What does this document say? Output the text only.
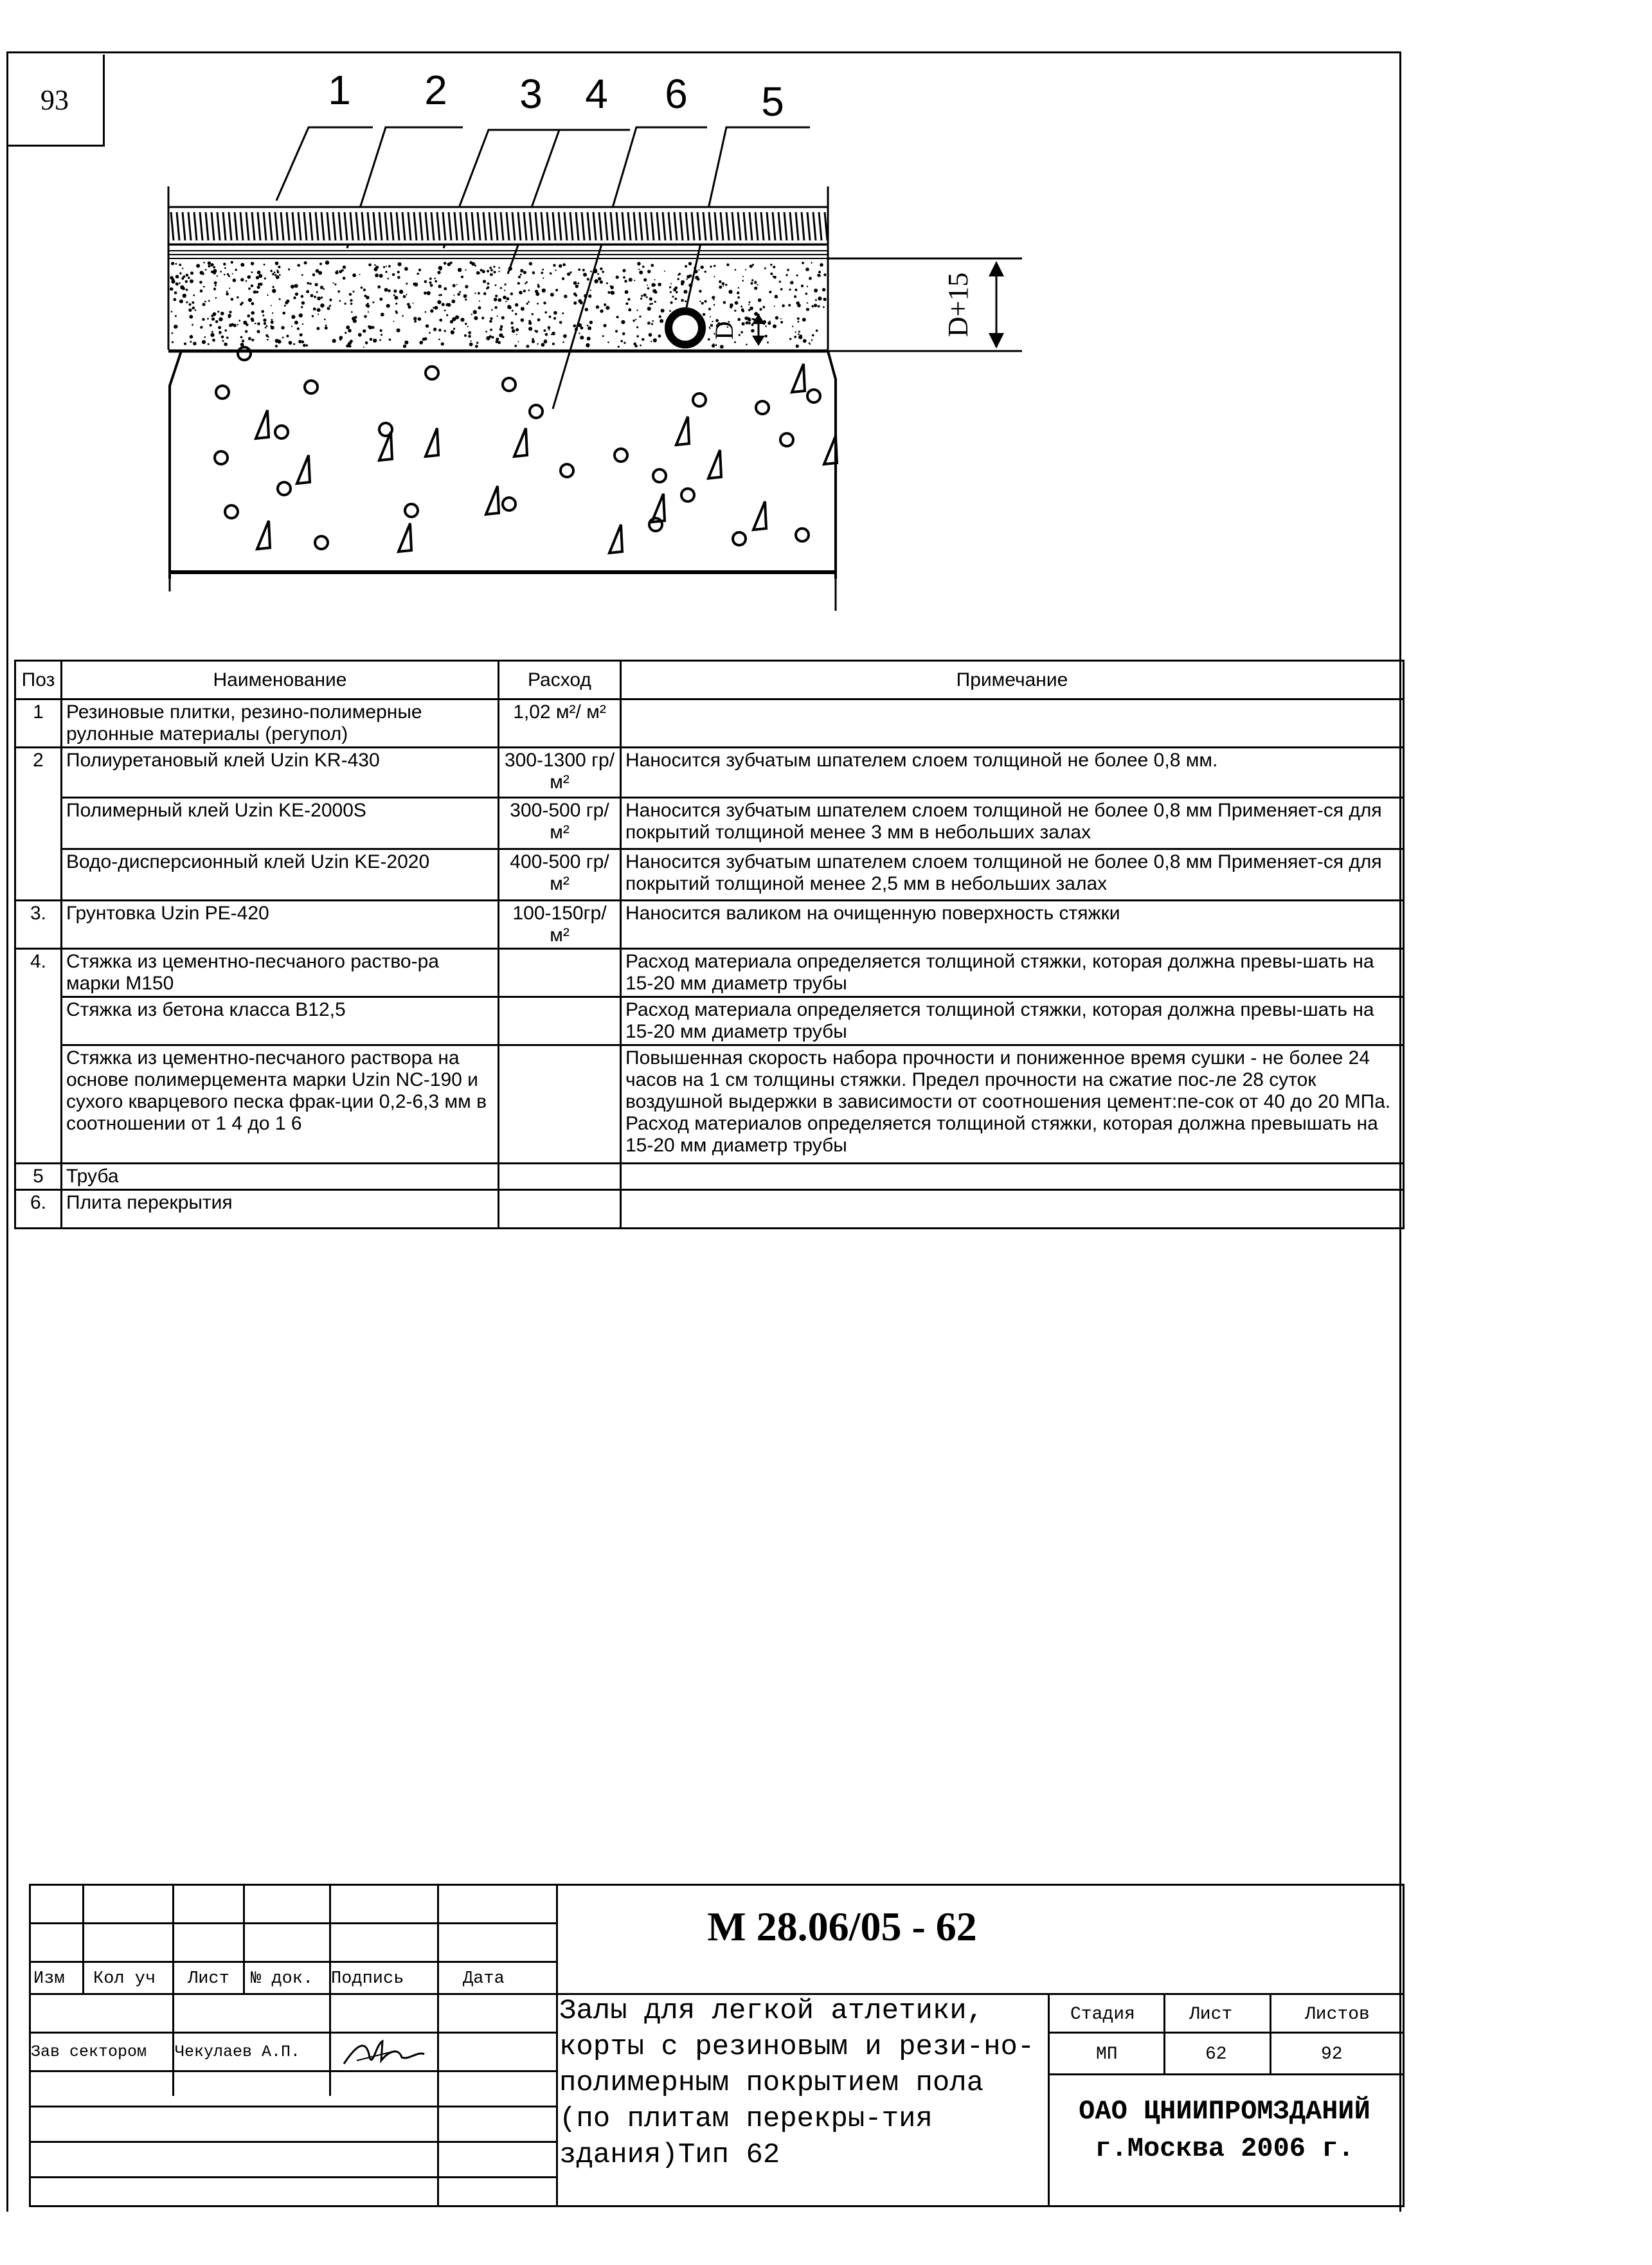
93	1 2 3 4 6 5
D	D+15
Поз	Наименование	Расход	Примечание
1	Резиновые плитки, резино-полимерные рулонные материалы (регупол)	1,02 м²/ м²	
2	Полиуретановый клей Uzin KR-430	300-1300 гр/м²	Наносится зубчатым шпателем слоем толщиной не более 0,8 мм.
	Полимерный клей Uzin KE-2000S	300-500 гр/м²	Наносится зубчатым шпателем слоем толщиной не более 0,8 мм Применяет-ся для покрытий толщиной менее 3 мм в небольших залах
	Водо-дисперсионный клей Uzin KE-2020	400-500 гр/м²	Наносится зубчатым шпателем слоем толщиной не более 0,8 мм Применяет-ся для покрытий толщиной менее 2,5 мм в небольших залах
3.	Грунтовка Uzin PE-420	100-150гр/м²	Наносится валиком на очищенную поверхность стяжки
4.	Стяжка из цементно-песчаного раство-ра марки М150		Расход материала определяется толщиной стяжки, которая должна превы-шать на 15-20 мм диаметр трубы
	Стяжка из бетона класса В12,5		Расход материала определяется толщиной стяжки, которая должна превы-шать на 15-20 мм диаметр трубы
	Стяжка из цементно-песчаного раствора на основе полимерцемента марки Uzin NC-190 и сухого кварцевого песка фрак-ции 0,2-6,3 мм в соотношении от 1 4 до 1 6		Повышенная скорость набора прочности и пониженное время сушки - не более 24 часов на 1 см толщины стяжки. Предел прочности на сжатие пос-ле 28 суток воздушной выдержки в зависимости от соотношения цемент:пе-сок от 40 до 20 МПа. Расход материалов определяется толщиной стяжки, которая должна превышать на 15-20 мм диаметр трубы
5	Труба		
6.	Плита перекрытия		
Изм Кол уч Лист № док. Подпись	Дата
Зав сектором Чекулаев А.П.
М 28.06/05 - 62
Залы для легкой атлетики, корты с резиновым и рези-но-полимерным покрытием пола (по плитам перекры-тия здания)Тип 62
Стадия	Лист	Листов
МП	62	92
ОАО ЦНИИПРОМЗДАНИЙ
г.Москва 2006 г.
